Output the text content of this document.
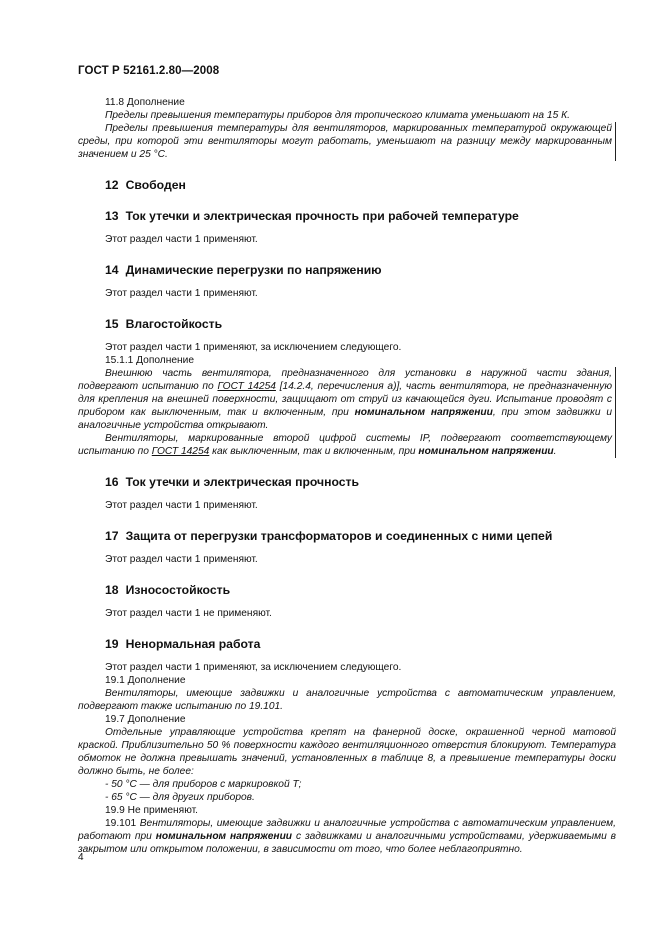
ГОСТ Р 52161.2.80—2008

11.8 Дополнение

Пределы превышения температуры приборов для тропического климата уменьшают на 15 К.

Пределы превышения температуры для вентиляторов, маркированных температурой окружающей среды, при которой эти вентиляторы могут работать, уменьшают на разницу между маркированным значением и 25 °С.

12 Свободен
13 Ток утечки и электрическая прочность при рабочей температуре

Этот раздел части 1 применяют.

14 Динамические перегрузки по напряжению

Этот раздел части 1 применяют.

15 Влагостойкость

Этот раздел части 1 применяют, за исключением следующего.

15.1.1 Дополнение

Внешнюю часть вентилятора, предназначенного для установки в наружной части здания, подвергают испытанию по ГОСТ 14254 [14.2.4, перечисления а)], часть вентилятора, не предназначенную для крепления на внешней поверхности, защищают от струй из качающейся дуги. Испытание проводят с прибором как выключенным, так и включенным, при номинальном напряжении, при этом задвижки и аналогичные устройства открывают.

Вентиляторы, маркированные второй цифрой системы IP, подвергают соответствующему испытанию по ГОСТ 14254 как выключенным, так и включенным, при номинальном напряжении.

16 Ток утечки и электрическая прочность

Этот раздел части 1 применяют.

17 Защита от перегрузки трансформаторов и соединенных с ними цепей

Этот раздел части 1 применяют.

18 Износостойкость

Этот раздел части 1 не применяют.

19 Ненормальная работа

Этот раздел части 1 применяют, за исключением следующего.

19.1 Дополнение

Вентиляторы, имеющие задвижки и аналогичные устройства с автоматическим управлением, подвергают также испытанию по 19.101.

19.7 Дополнение

Отдельные управляющие устройства крепят на фанерной доске, окрашенной черной матовой краской. Приблизительно 50 % поверхности каждого вентиляционного отверстия блокируют. Температура обмоток не должна превышать значений, установленных в таблице 8, а превышение температуры доски должно быть, не более:

- 50 °С — для приборов с маркировкой Т;

- 65 °С — для других приборов.

19.9 Не применяют.

19.101 Вентиляторы, имеющие задвижки и аналогичные устройства с автоматическим управлением, работают при номинальном напряжении с задвижками и аналогичными устройствами, удерживаемыми в закрытом или открытом положении, в зависимости от того, что более неблагоприятно.

4
